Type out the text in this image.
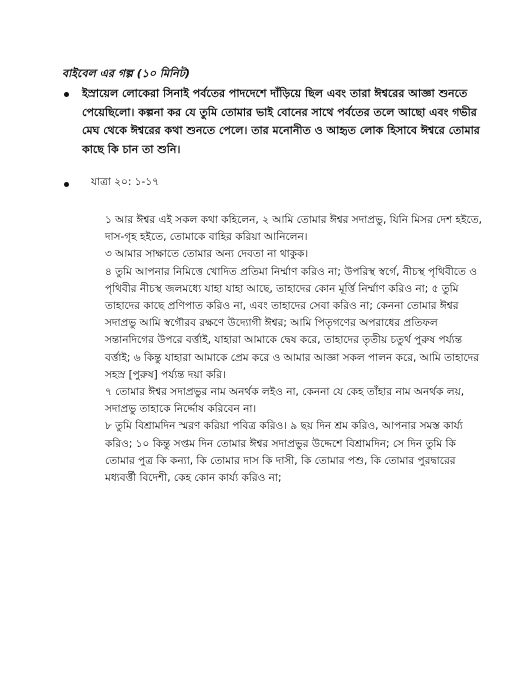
বাইবেল এর গল্প (১০ মিনিট)
ইস্রায়েল লোকেরা সিনাই পর্বতের পাদদেশে দাঁড়িয়ে ছিল এবং তারা ঈশ্বরের আজ্ঞা শুনতে পেয়েছিলো। কল্পনা কর যে তুমি তোমার ভাই বোনের সাথে পর্বতের তলে আছো এবং গভীর মেঘ থেকে ঈশ্বরের কথা শুনতে পেলে। তার মনোনীত ও আহৃত লোক হিসাবে ঈশ্বরে তোমার কাছে কি চান তা শুনি।
যাত্রা ২০: ১-১৭

১ আর ঈশ্বর এই সকল কথা কহিলেন, ২ আমি তোমার ঈশ্বর সদাপ্রভু, যিনি মিসর দেশ হইতে, দাস-গৃহ হইতে, তোমাকে বাহির করিয়া আনিলেন।

৩ আমার সাক্ষাতে তোমার অন্য দেবতা না থাকুক।

৪ তুমি আপনার নিমিত্তে খোদিত প্রতিমা নির্ম্মাণ করিও না; উপরিস্থ স্বর্গে, নীচস্থ পৃথিবীতে ও পৃথিবীর নীচস্থ জলমধ্যে যাহা যাহা আছে, তাহাদের কোন মূর্ত্তি নির্ম্মাণ করিও না; ৫ তুমি তাহাদের কাছে প্রণিপাত করিও না, এবং তাহাদের সেবা করিও না; কেননা তোমার ঈশ্বর সদাপ্রভু আমি স্বগৌরব রক্ষণে উদ্যোগী ঈশ্বর; আমি পিতৃগণের অপরাধের প্রতিফল সন্তানদিগের উপরে বর্ত্তাই, যাহারা আমাকে দ্বেষ করে, তাহাদের তৃতীয় চতুর্থ পুরুষ পর্য্যন্ত বর্ত্তাই; ৬ কিন্তু যাহারা আমাকে প্রেম করে ও আমার আজ্ঞা সকল পালন করে, আমি তাহাদের সহস্র [পুরুষ] পর্য্যন্ত দয়া করি।

৭ তোমার ঈশ্বর সদাপ্রভুর নাম অনর্থক লইও না, কেননা যে কেহ তাঁহার নাম অনর্থক লয়, সদাপ্রভু তাহাকে নির্দ্দোষ করিবেন না।

৮ তুমি বিশ্রামদিন স্মরণ করিয়া পবিত্র করিও। ৯ ছয় দিন শ্রম করিও, আপনার সমস্ত কার্য্য করিও; ১০ কিন্তু সপ্তম দিন তোমার ঈশ্বর সদাপ্রভুর উদ্দেশে বিশ্রামদিন; সে দিন তুমি কি তোমার পুত্র কি কন্যা, কি তোমার দাস কি দাসী, কি তোমার পশু, কি তোমার পুরদ্বারের মধ্যবর্ত্তী বিদেশী, কেহ কোন কার্য্য করিও না;
